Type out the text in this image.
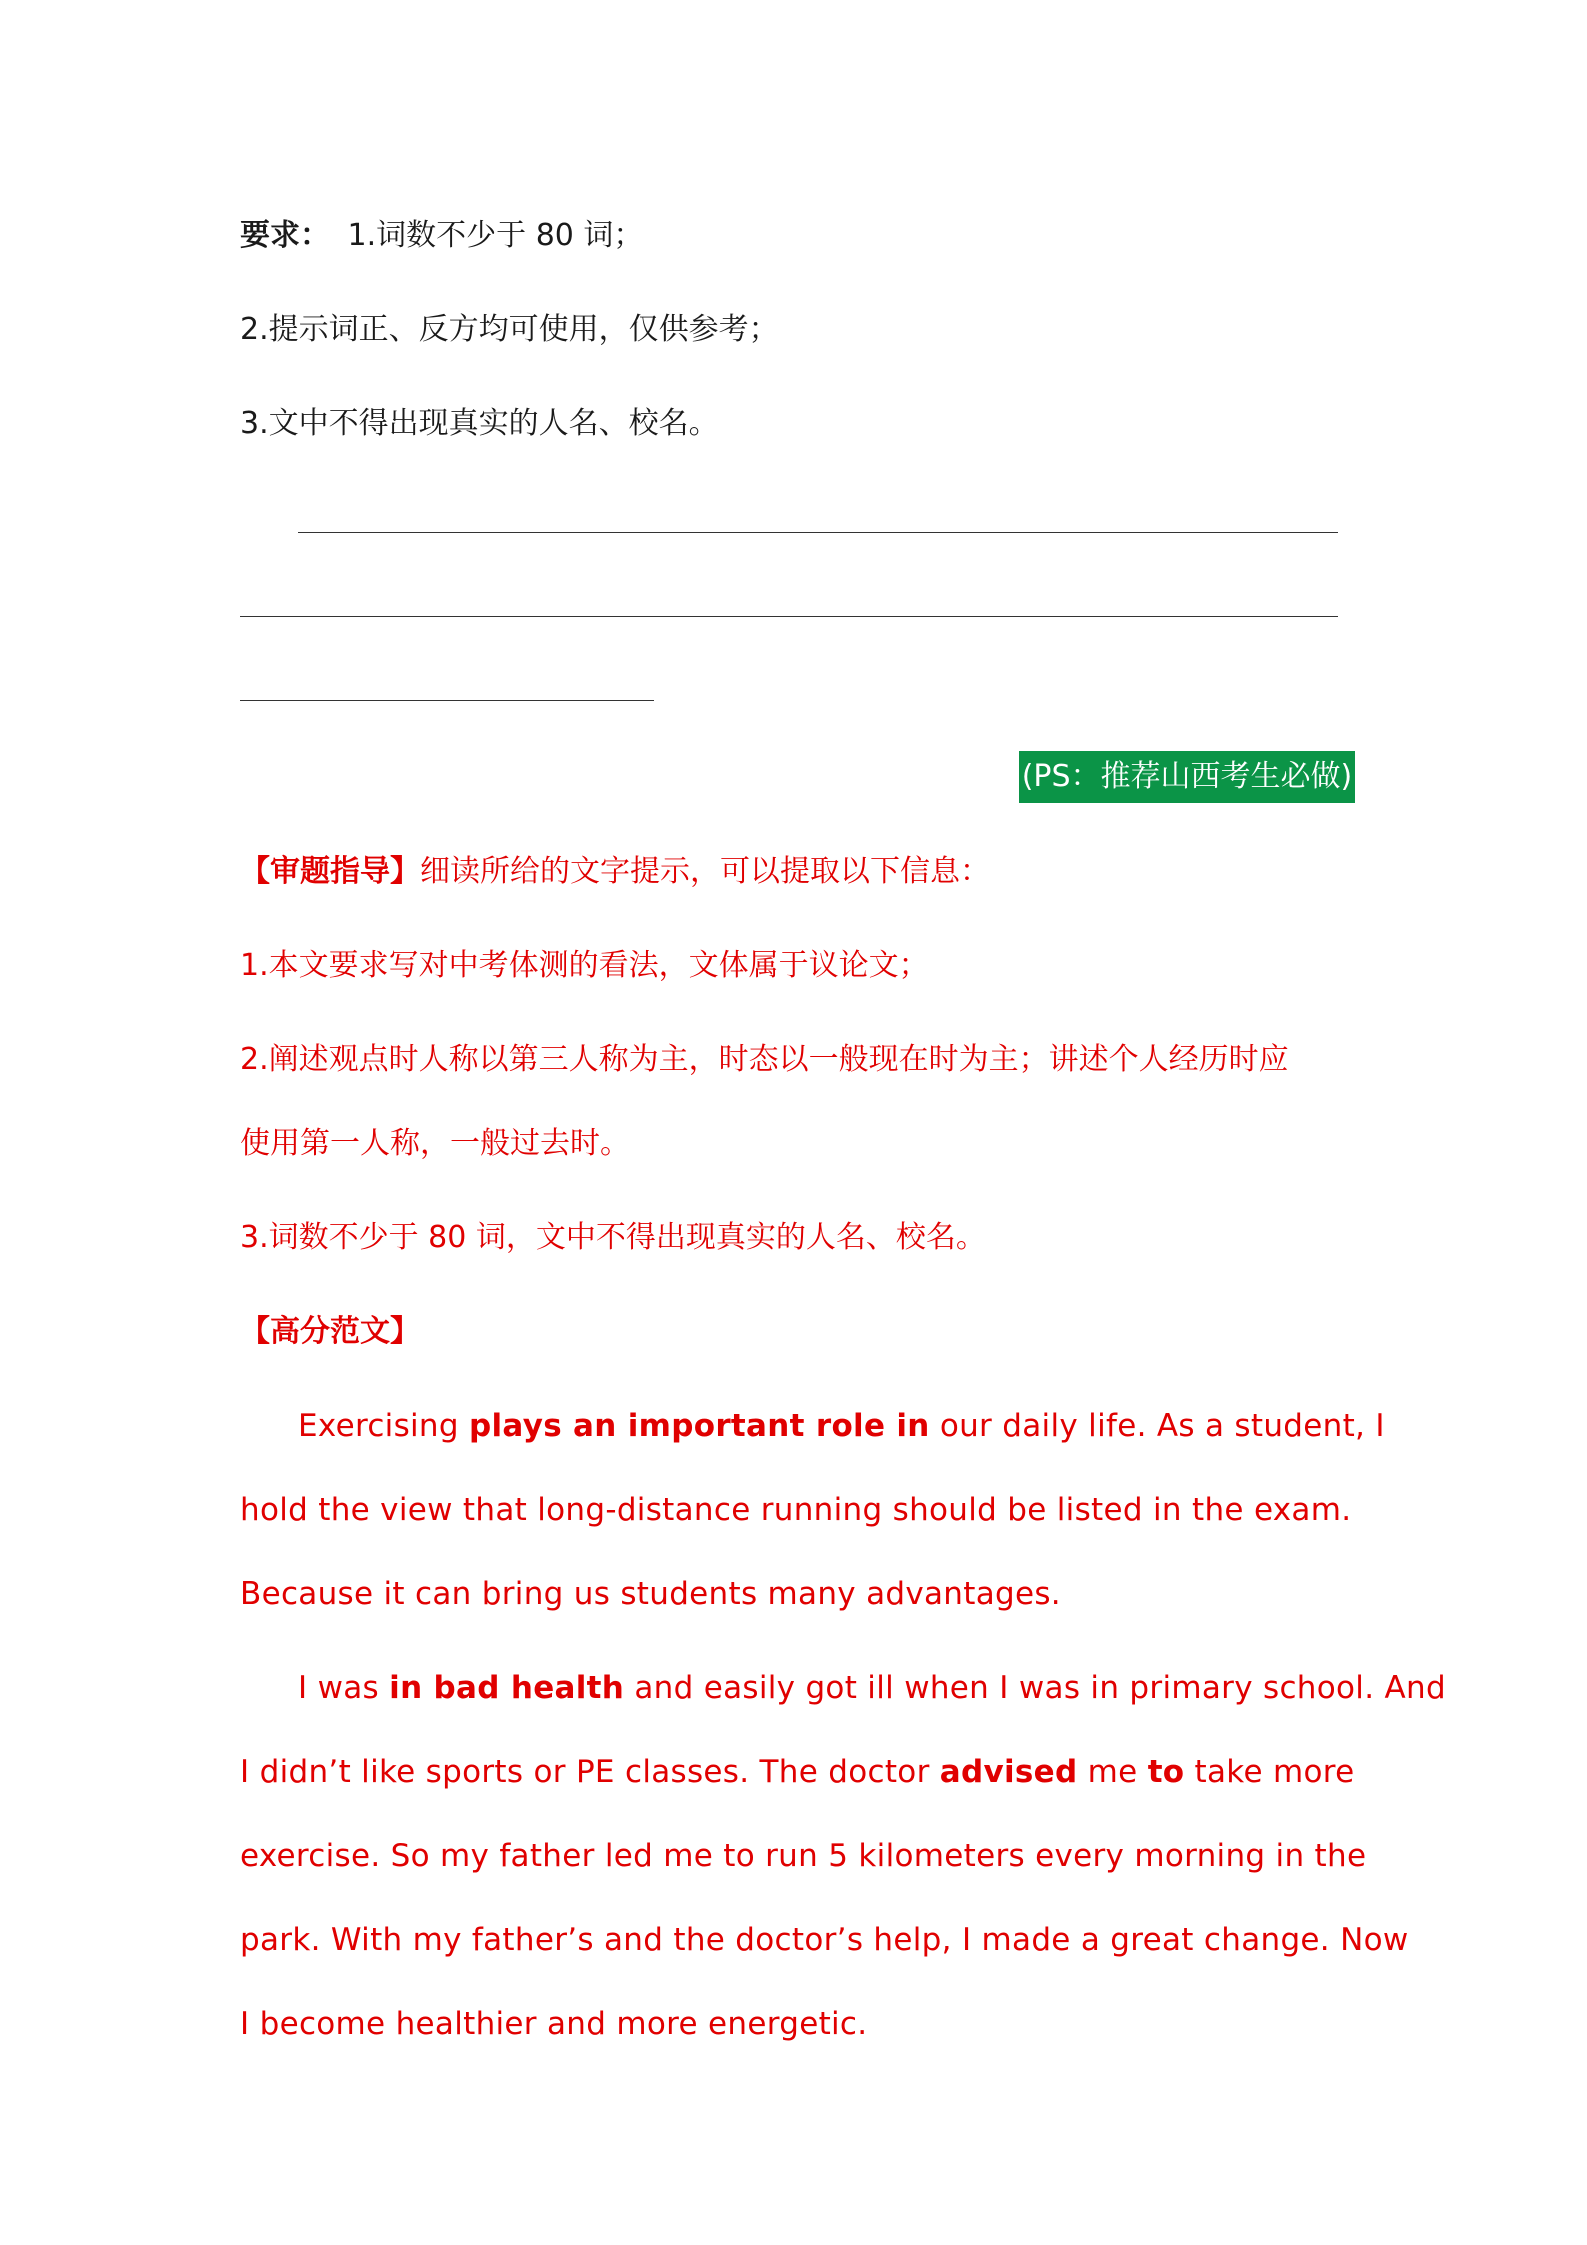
要求： 1.词数不少于 80 词；
2.提示词正、反方均可使用，仅供参考；
3.文中不得出现真实的人名、校名。
(PS：推荐山西考生必做)
【审题指导】细读所给的文字提示，可以提取以下信息：
1.本文要求写对中考体测的看法，文体属于议论文；
2.阐述观点时人称以第三人称为主，时态以一般现在时为主；讲述个人经历时应
使用第一人称，一般过去时。
3.词数不少于 80 词，文中不得出现真实的人名、校名。
【高分范文】
Exercising plays an important role in our daily life. As a student, I
hold the view that long-distance running should be listed in the exam.
Because it can bring us students many advantages.
I was in bad health and easily got ill when I was in primary school. And
I didn’t like sports or PE classes. The doctor advised me to take more
exercise. So my father led me to run 5 kilometers every morning in the
park. With my father’s and the doctor’s help, I made a great change. Now
I become healthier and more energetic.
